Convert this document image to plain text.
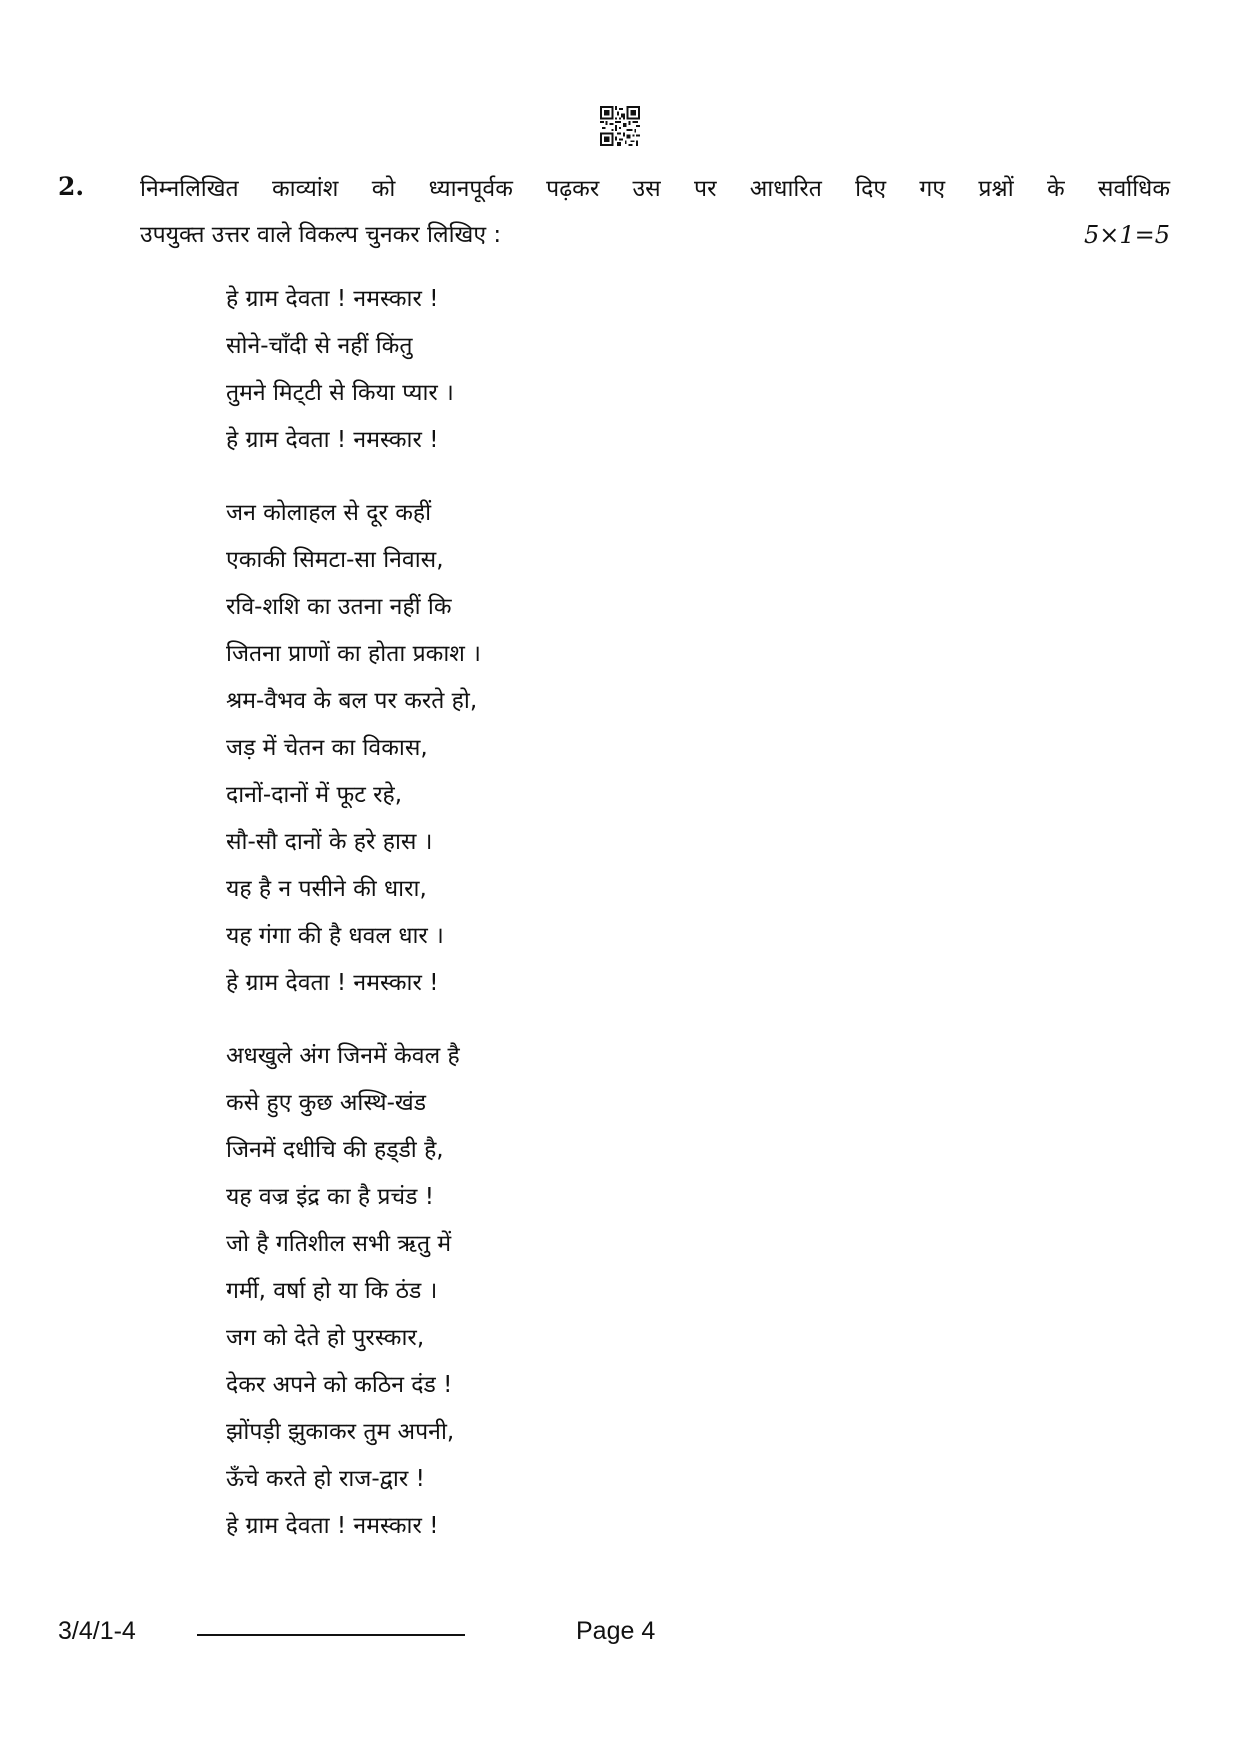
2. निम्नलिखित काव्यांश को ध्यानपूर्वक पढ़कर उस पर आधारित दिए गए प्रश्नों के सर्वाधिक
उपयुक्त उत्तर वाले विकल्प चुनकर लिखिए :	5×1=5
हे ग्राम देवता ! नमस्कार !
सोने-चाँदी से नहीं किंतु
तुमने मिट्‌टी से किया प्यार ।
हे ग्राम देवता ! नमस्कार !
जन कोलाहल से दूर कहीं
एकाकी सिमटा-सा निवास,
रवि-शशि का उतना नहीं कि
जितना प्राणों का होता प्रकाश ।
श्रम-वैभव के बल पर करते हो,
जड़ में चेतन का विकास,
दानों-दानों में फूट रहे,
सौ-सौ दानों के हरे हास ।
यह है न पसीने की धारा,
यह गंगा की है धवल धार ।
हे ग्राम देवता ! नमस्कार !
अधखुले अंग जिनमें केवल है
कसे हुए कुछ अस्थि-खंड
जिनमें दधीचि की हड्‌डी है,
यह वज्र इंद्र का है प्रचंड !
जो है गतिशील सभी ऋतु में
गर्मी, वर्षा हो या कि ठंड ।
जग को देते हो पुरस्कार,
देकर अपने को कठिन दंड !
झोंपड़ी झुकाकर तुम अपनी,
ऊँचे करते हो राज-द्वार !
हे ग्राम देवता ! नमस्कार !
3/4/1-4	Page 4
